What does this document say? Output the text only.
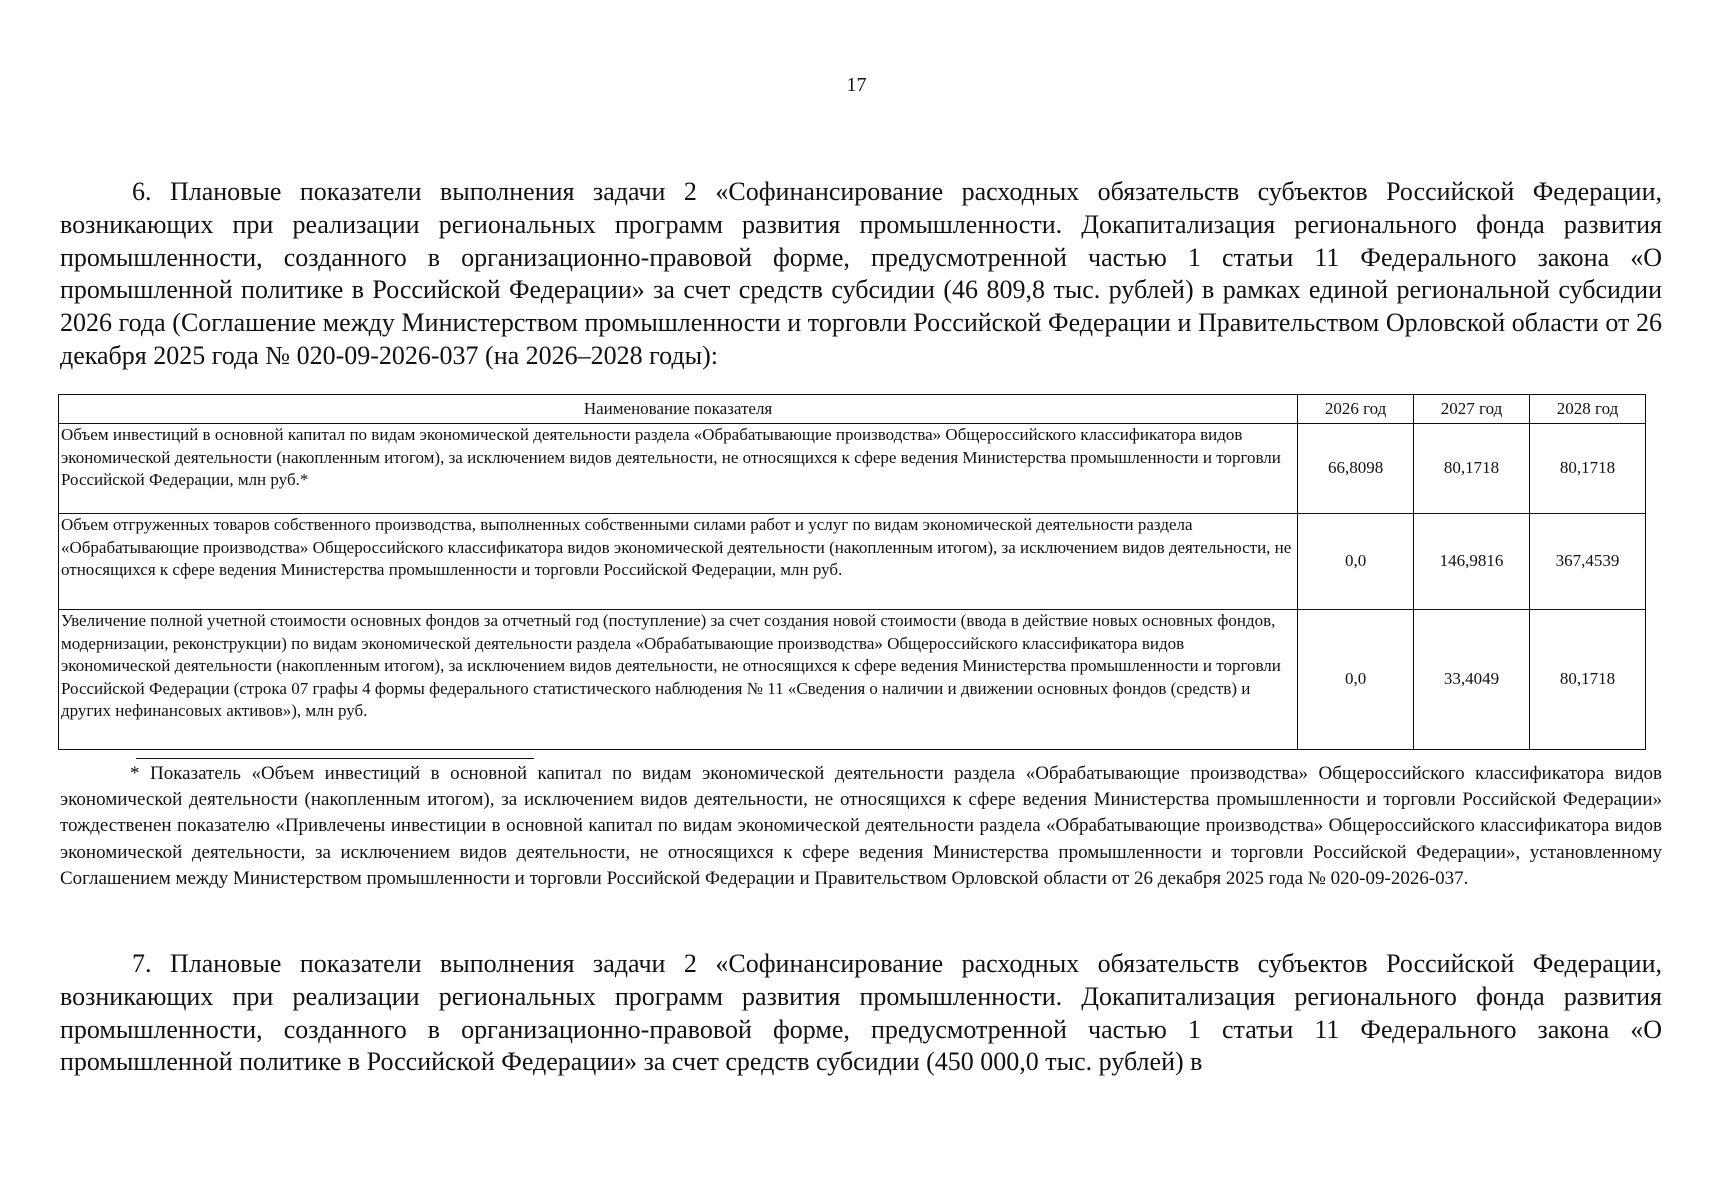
17

6. Плановые показатели выполнения задачи 2 «Софинансирование расходных обязательств субъектов Российской Федерации, возникающих при реализации региональных программ развития промышленности. Докапитализация регионального фонда развития промышленности, созданного в организационно-правовой форме, предусмотренной частью 1 статьи 11 Федерального закона «О промышленной политике в Российской Федерации» за счет средств субсидии (46 809,8 тыс. рублей) в рамках единой региональной субсидии 2026 года (Соглашение между Министерством промышленности и торговли Российской Федерации и Правительством Орловской области от 26 декабря 2025 года № 020-09-2026-037 (на 2026–2028 годы):

Наименование показателя	2026 год	2027 год	2028 год
Объем инвестиций в основной капитал по видам экономической деятельности раздела «Обрабатывающие производства» Общероссийского классификатора видов экономической деятельности (накопленным итогом), за исключением видов деятельности, не относящихся к сфере ведения Министерства промышленности и торговли Российской Федерации, млн руб.*	66,8098	80,1718	80,1718
Объем отгруженных товаров собственного производства, выполненных собственными силами работ и услуг по видам экономической деятельности раздела «Обрабатывающие производства» Общероссийского классификатора видов экономической деятельности (накопленным итогом), за исключением видов деятельности, не относящихся к сфере ведения Министерства промышленности и торговли Российской Федерации, млн руб.	0,0	146,9816	367,4539
Увеличение полной учетной стоимости основных фондов за отчетный год (поступление) за счет создания новой стоимости (ввода в действие новых основных фондов, модернизации, реконструкции) по видам экономической деятельности раздела «Обрабатывающие производства» Общероссийского классификатора видов экономической деятельности (накопленным итогом), за исключением видов деятельности, не относящихся к сфере ведения Министерства промышленности и торговли Российской Федерации (строка 07 графы 4 формы федерального статистического наблюдения № 11 «Сведения о наличии и движении основных фондов (средств) и других нефинансовых активов»), млн руб.	0,0	33,4049	80,1718

* Показатель «Объем инвестиций в основной капитал по видам экономической деятельности раздела «Обрабатывающие производства» Общероссийского классификатора видов экономической деятельности (накопленным итогом), за исключением видов деятельности, не относящихся к сфере ведения Министерства промышленности и торговли Российской Федерации» тождественен показателю «Привлечены инвестиции в основной капитал по видам экономической деятельности раздела «Обрабатывающие производства» Общероссийского классификатора видов экономической деятельности, за исключением видов деятельности, не относящихся к сфере ведения Министерства промышленности и торговли Российской Федерации», установленному Соглашением между Министерством промышленности и торговли Российской Федерации и Правительством Орловской области от 26 декабря 2025 года № 020-09-2026-037.

7. Плановые показатели выполнения задачи 2 «Софинансирование расходных обязательств субъектов Российской Федерации, возникающих при реализации региональных программ развития промышленности. Докапитализация регионального фонда развития промышленности, созданного в организационно-правовой форме, предусмотренной частью 1 статьи 11 Федерального закона «О промышленной политике в Российской Федерации» за счет средств субсидии (450 000,0 тыс. рублей) в
